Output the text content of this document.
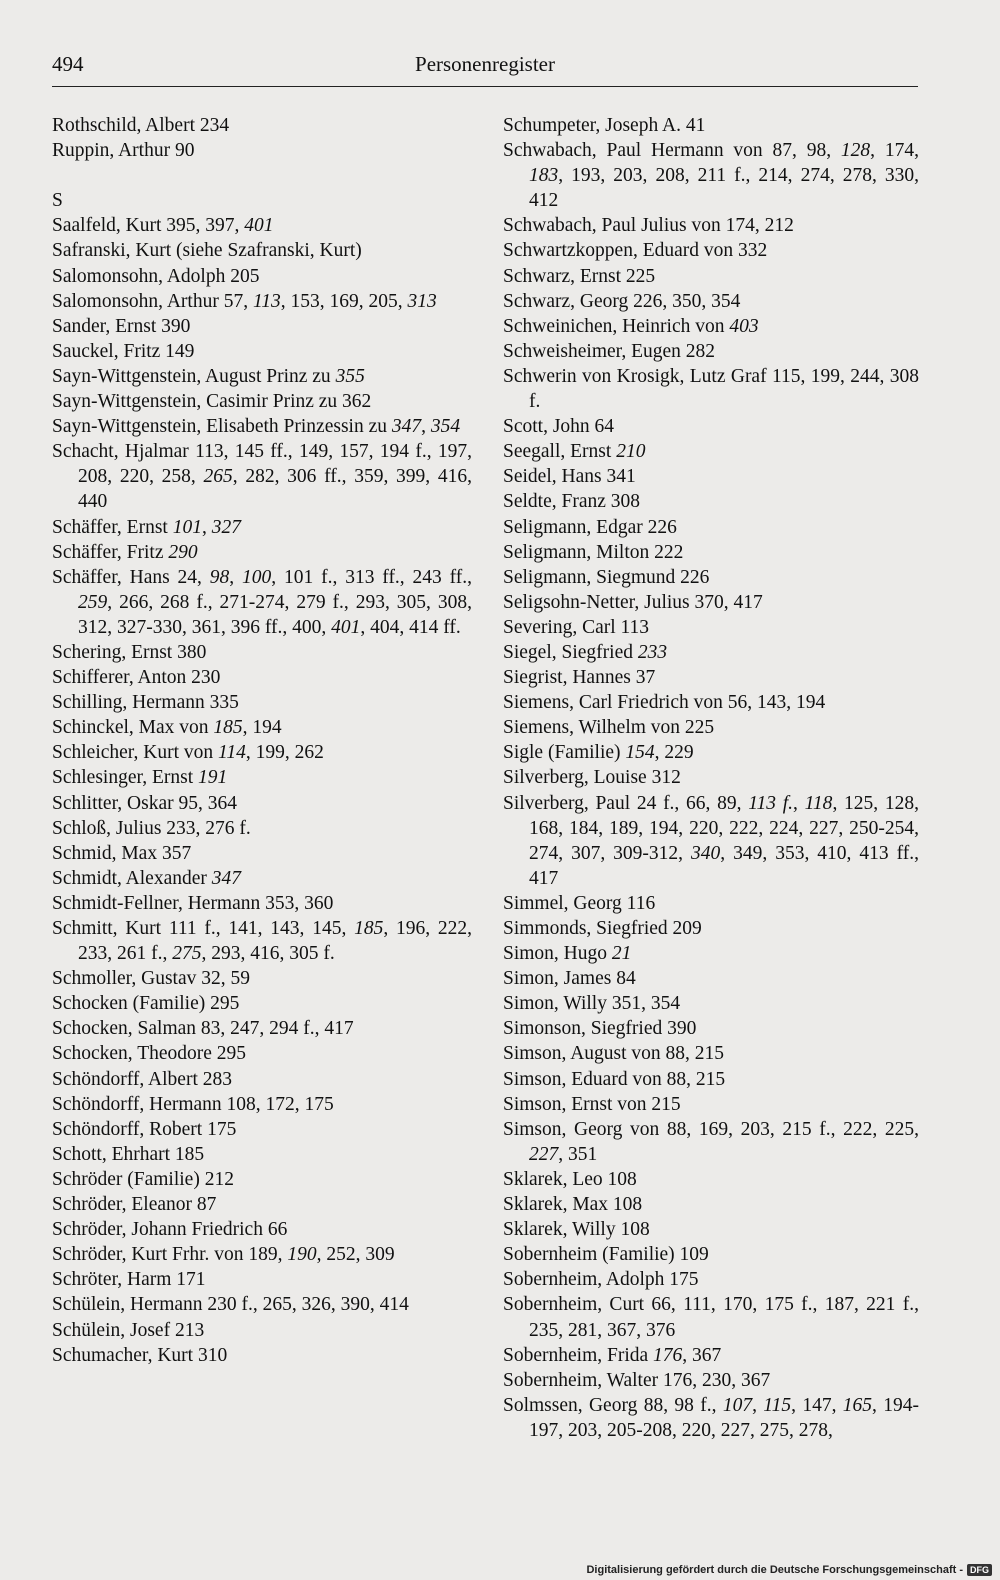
494	Personenregister
Rothschild, Albert 234
Ruppin, Arthur 90
S
Saalfeld, Kurt 395, 397, 401
Safranski, Kurt (siehe Szafranski, Kurt)
Salomonsohn, Adolph 205
Salomonsohn, Arthur 57, 113, 153, 169, 205, 313
Sander, Ernst 390
Sauckel, Fritz 149
Sayn-Wittgenstein, August Prinz zu 355
Sayn-Wittgenstein, Casimir Prinz zu 362
Sayn-Wittgenstein, Elisabeth Prinzessin zu 347, 354
Schacht, Hjalmar 113, 145 ff., 149, 157, 194 f., 197, 208, 220, 258, 265, 282, 306 ff., 359, 399, 416, 440
Schäffer, Ernst 101, 327
Schäffer, Fritz 290
Schäffer, Hans 24, 98, 100, 101 f., 313 ff., 243 ff., 259, 266, 268 f., 271-274, 279 f., 293, 305, 308, 312, 327-330, 361, 396 ff., 400, 401, 404, 414 ff.
Schering, Ernst 380
Schifferer, Anton 230
Schilling, Hermann 335
Schinckel, Max von 185, 194
Schleicher, Kurt von 114, 199, 262
Schlesinger, Ernst 191
Schlitter, Oskar 95, 364
Schloß, Julius 233, 276 f.
Schmid, Max 357
Schmidt, Alexander 347
Schmidt-Fellner, Hermann 353, 360
Schmitt, Kurt 111 f., 141, 143, 145, 185, 196, 222, 233, 261 f., 275, 293, 416, 305 f.
Schmoller, Gustav 32, 59
Schocken (Familie) 295
Schocken, Salman 83, 247, 294 f., 417
Schocken, Theodore 295
Schöndorff, Albert 283
Schöndorff, Hermann 108, 172, 175
Schöndorff, Robert 175
Schott, Ehrhart 185
Schröder (Familie) 212
Schröder, Eleanor 87
Schröder, Johann Friedrich 66
Schröder, Kurt Frhr. von 189, 190, 252, 309
Schröter, Harm 171
Schülein, Hermann 230 f., 265, 326, 390, 414
Schülein, Josef 213
Schumacher, Kurt 310
Schumpeter, Joseph A. 41
Schwabach, Paul Hermann von 87, 98, 128, 174, 183, 193, 203, 208, 211 f., 214, 274, 278, 330, 412
Schwabach, Paul Julius von 174, 212
Schwartzkoppen, Eduard von 332
Schwarz, Ernst 225
Schwarz, Georg 226, 350, 354
Schweinichen, Heinrich von 403
Schweisheimer, Eugen 282
Schwerin von Krosigk, Lutz Graf 115, 199, 244, 308 f.
Scott, John 64
Seegall, Ernst 210
Seidel, Hans 341
Seldte, Franz 308
Seligmann, Edgar 226
Seligmann, Milton 222
Seligmann, Siegmund 226
Seligsohn-Netter, Julius 370, 417
Severing, Carl 113
Siegel, Siegfried 233
Siegrist, Hannes 37
Siemens, Carl Friedrich von 56, 143, 194
Siemens, Wilhelm von 225
Sigle (Familie) 154, 229
Silverberg, Louise 312
Silverberg, Paul 24 f., 66, 89, 113 f., 118, 125, 128, 168, 184, 189, 194, 220, 222, 224, 227, 250-254, 274, 307, 309-312, 340, 349, 353, 410, 413 ff., 417
Simmel, Georg 116
Simmonds, Siegfried 209
Simon, Hugo 21
Simon, James 84
Simon, Willy 351, 354
Simonson, Siegfried 390
Simson, August von 88, 215
Simson, Eduard von 88, 215
Simson, Ernst von 215
Simson, Georg von 88, 169, 203, 215 f., 222, 225, 227, 351
Sklarek, Leo 108
Sklarek, Max 108
Sklarek, Willy 108
Sobernheim (Familie) 109
Sobernheim, Adolph 175
Sobernheim, Curt 66, 111, 170, 175 f., 187, 221 f., 235, 281, 367, 376
Sobernheim, Frida 176, 367
Sobernheim, Walter 176, 230, 367
Solmssen, Georg 88, 98 f., 107, 115, 147, 165, 194-197, 203, 205-208, 220, 227, 275, 278,
Digitalisierung gefördert durch die Deutsche Forschungsgemeinschaft - DFG
